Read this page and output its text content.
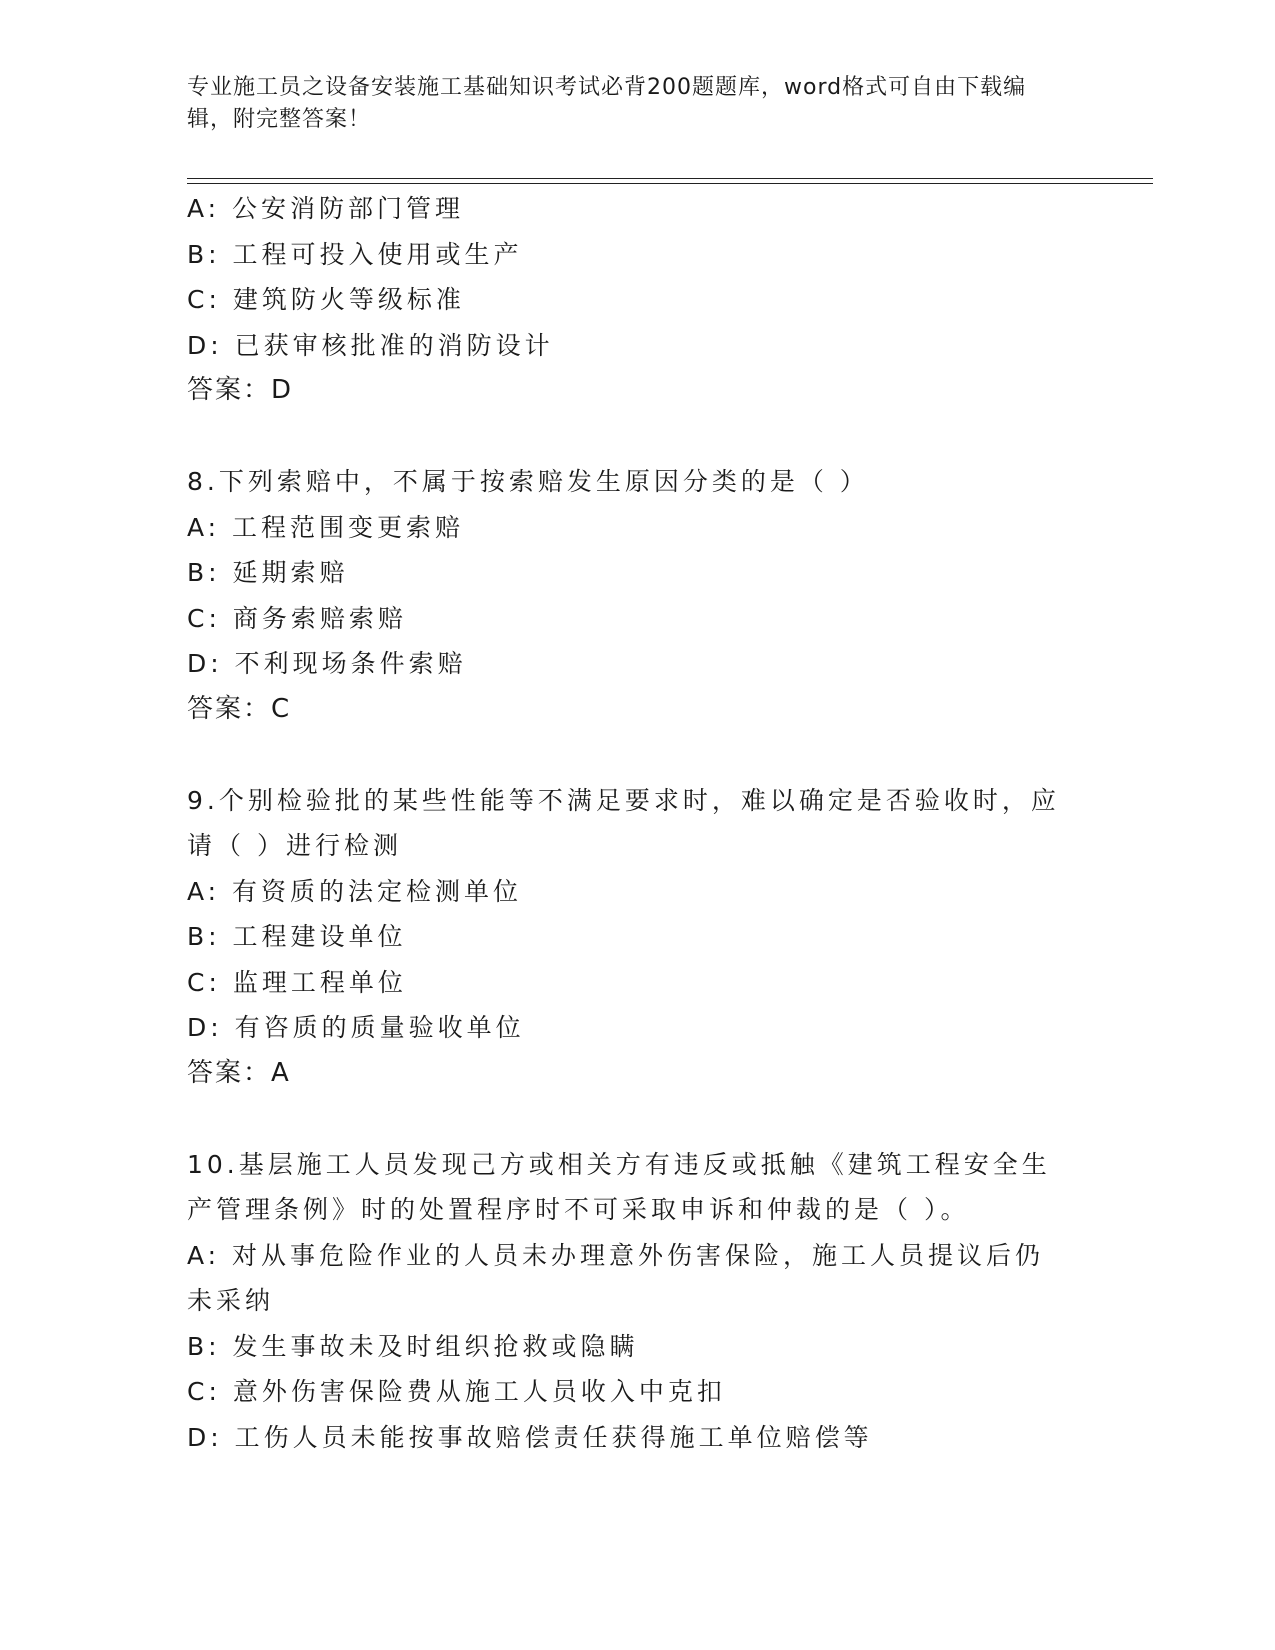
专业施工员之设备安装施工基础知识考试必背200题题库，word格式可自由下载编辑，附完整答案！
A: 公安消防部门管理
B: 工程可投入使用或生产
C: 建筑防火等级标准
D: 已获审核批准的消防设计
答案：D
8.下列索赔中，不属于按索赔发生原因分类的是（ ）
A: 工程范围变更索赔
B: 延期索赔
C: 商务索赔索赔
D: 不利现场条件索赔
答案：C
9.个别检验批的某些性能等不满足要求时，难以确定是否验收时，应请（ ）进行检测
A: 有资质的法定检测单位
B: 工程建设单位
C: 监理工程单位
D: 有咨质的质量验收单位
答案：A
10.基层施工人员发现己方或相关方有违反或抵触《建筑工程安全生产管理条例》时的处置程序时不可采取申诉和仲裁的是（ ）。
A: 对从事危险作业的人员未办理意外伤害保险，施工人员提议后仍未采纳
B: 发生事故未及时组织抢救或隐瞒
C: 意外伤害保险费从施工人员收入中克扣
D: 工伤人员未能按事故赔偿责任获得施工单位赔偿等
